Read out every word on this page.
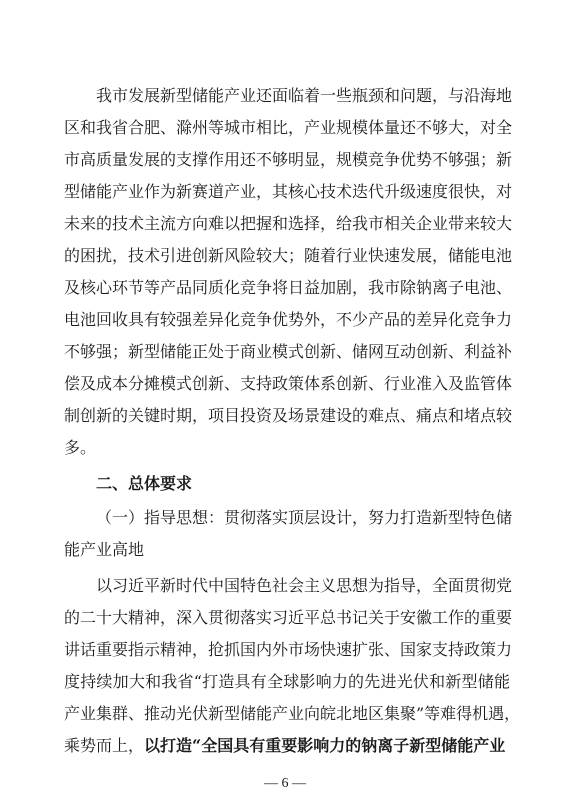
我市发展新型储能产业还面临着一些瓶颈和问题，与沿海地
区和我省合肥、滁州等城市相比，产业规模体量还不够大，对全
市高质量发展的支撑作用还不够明显，规模竞争优势不够强；新
型储能产业作为新赛道产业，其核心技术迭代升级速度很快，对
未来的技术主流方向难以把握和选择，给我市相关企业带来较大
的困扰，技术引进创新风险较大；随着行业快速发展，储能电池
及核心环节等产品同质化竞争将日益加剧，我市除钠离子电池、
电池回收具有较强差异化竞争优势外，不少产品的差异化竞争力
不够强；新型储能正处于商业模式创新、储网互动创新、利益补
偿及成本分摊模式创新、支持政策体系创新、行业准入及监管体
制创新的关键时期，项目投资及场景建设的难点、痛点和堵点较
多。
二、总体要求
（一）指导思想：贯彻落实顶层设计，努力打造新型特色储
能产业高地
以习近平新时代中国特色社会主义思想为指导，全面贯彻党
的二十大精神，深入贯彻落实习近平总书记关于安徽工作的重要
讲话重要指示精神，抢抓国内外市场快速扩张、国家支持政策力
度持续加大和我省“打造具有全球影响力的先进光伏和新型储能
产业集群、推动光伏新型储能产业向皖北地区集聚”等难得机遇，
乘势而上，以打造“全国具有重要影响力的钠离子新型储能产业
— 6 —
